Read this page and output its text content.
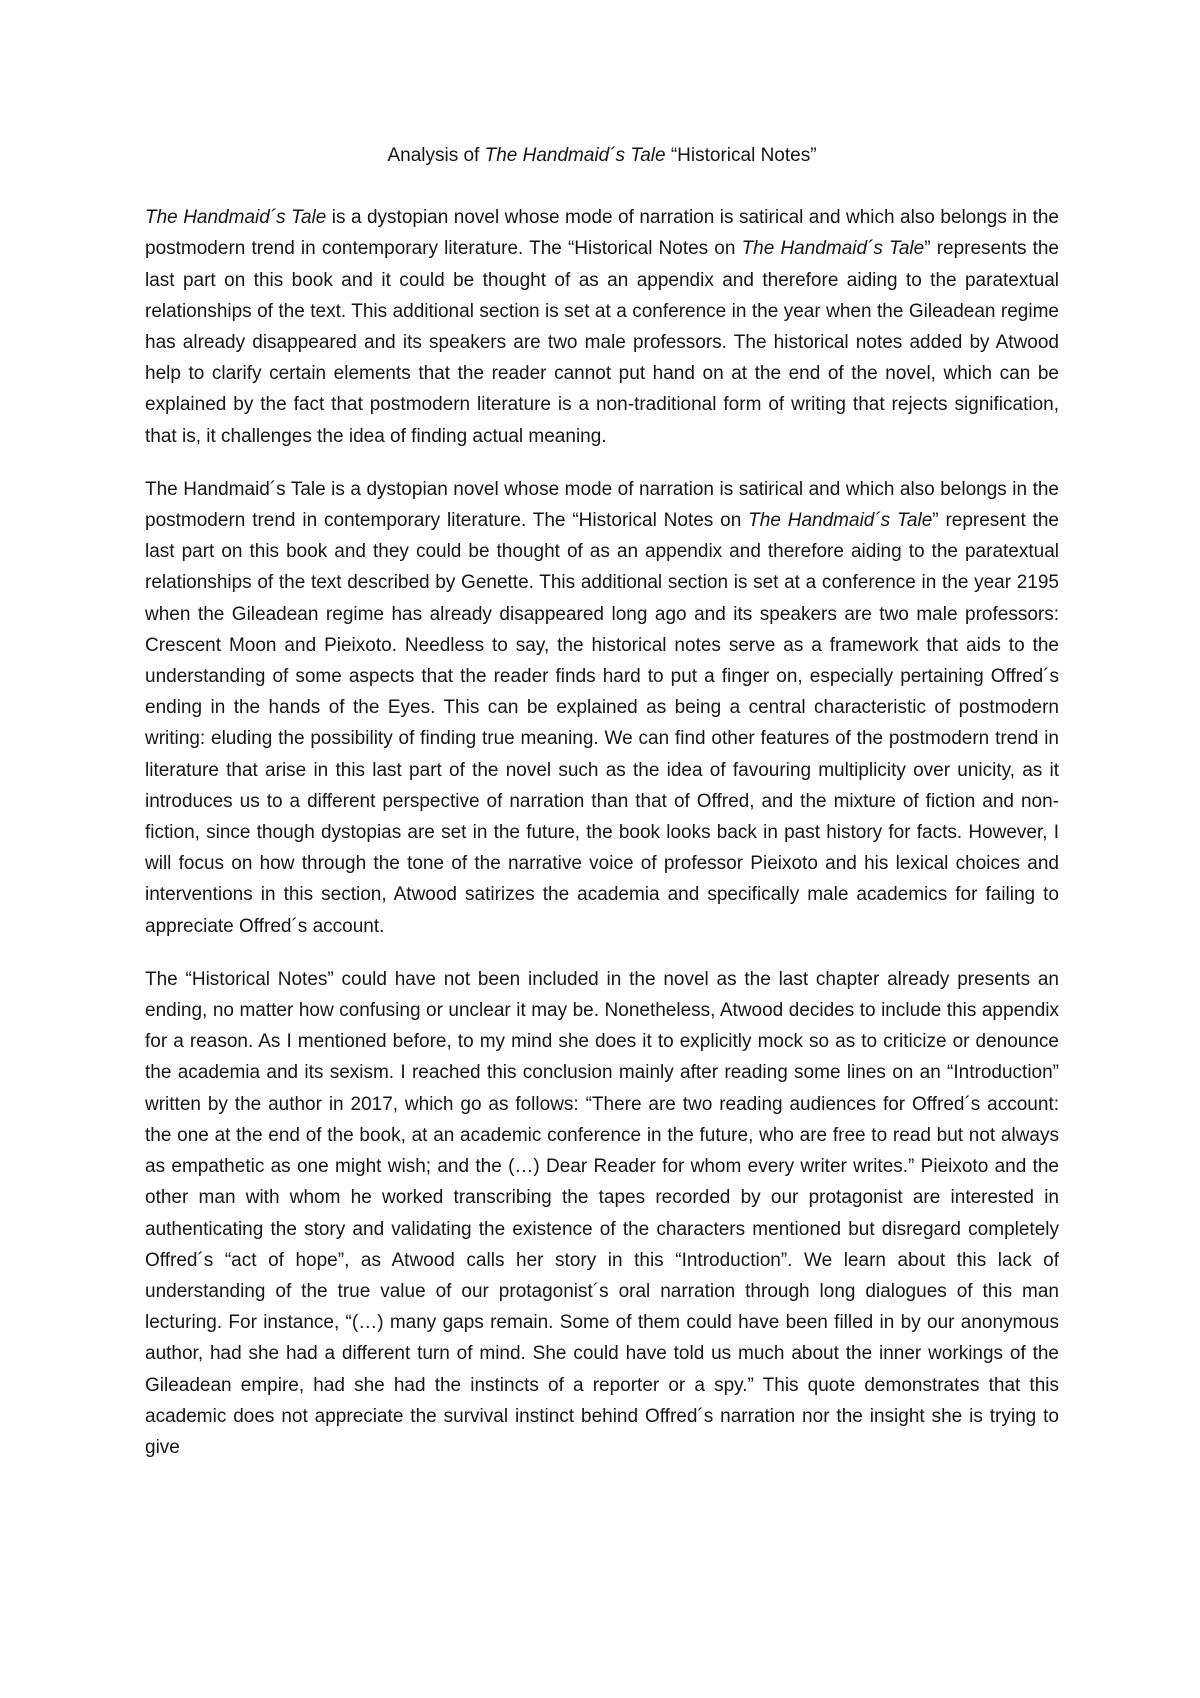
Analysis of The Handmaid´s Tale “Historical Notes”

The Handmaid´s Tale is a dystopian novel whose mode of narration is satirical and which also belongs in the postmodern trend in contemporary literature. The “Historical Notes on The Handmaid´s Tale” represents the last part on this book and it could be thought of as an appendix and therefore aiding to the paratextual relationships of the text. This additional section is set at a conference in the year when the Gileadean regime has already disappeared and its speakers are two male professors. The historical notes added by Atwood help to clarify certain elements that the reader cannot put hand on at the end of the novel, which can be explained by the fact that postmodern literature is a non-traditional form of writing that rejects signification, that is, it challenges the idea of finding actual meaning.

The Handmaid´s Tale is a dystopian novel whose mode of narration is satirical and which also belongs in the postmodern trend in contemporary literature. The “Historical Notes on The Handmaid´s Tale” represent the last part on this book and they could be thought of as an appendix and therefore aiding to the paratextual relationships of the text described by Genette. This additional section is set at a conference in the year 2195 when the Gileadean regime has already disappeared long ago and its speakers are two male professors: Crescent Moon and Pieixoto. Needless to say, the historical notes serve as a framework that aids to the understanding of some aspects that the reader finds hard to put a finger on, especially pertaining Offred´s ending in the hands of the Eyes. This can be explained as being a central characteristic of postmodern writing: eluding the possibility of finding true meaning. We can find other features of the postmodern trend in literature that arise in this last part of the novel such as the idea of favouring multiplicity over unicity, as it introduces us to a different perspective of narration than that of Offred, and the mixture of fiction and non-fiction, since though dystopias are set in the future, the book looks back in past history for facts. However, I will focus on how through the tone of the narrative voice of professor Pieixoto and his lexical choices and interventions in this section, Atwood satirizes the academia and specifically male academics for failing to appreciate Offred´s account.

The “Historical Notes” could have not been included in the novel as the last chapter already presents an ending, no matter how confusing or unclear it may be. Nonetheless, Atwood decides to include this appendix for a reason. As I mentioned before, to my mind she does it to explicitly mock so as to criticize or denounce the academia and its sexism. I reached this conclusion mainly after reading some lines on an “Introduction” written by the author in 2017, which go as follows: “There are two reading audiences for Offred´s account: the one at the end of the book, at an academic conference in the future, who are free to read but not always as empathetic as one might wish; and the (…) Dear Reader for whom every writer writes.” Pieixoto and the other man with whom he worked transcribing the tapes recorded by our protagonist are interested in authenticating the story and validating the existence of the characters mentioned but disregard completely Offred´s “act of hope”, as Atwood calls her story in this “Introduction”. We learn about this lack of understanding of the true value of our protagonist´s oral narration through long dialogues of this man lecturing. For instance, “(…) many gaps remain. Some of them could have been filled in by our anonymous author, had she had a different turn of mind. She could have told us much about the inner workings of the Gileadean empire, had she had the instincts of a reporter or a spy.” This quote demonstrates that this academic does not appreciate the survival instinct behind Offred´s narration nor the insight she is trying to give
